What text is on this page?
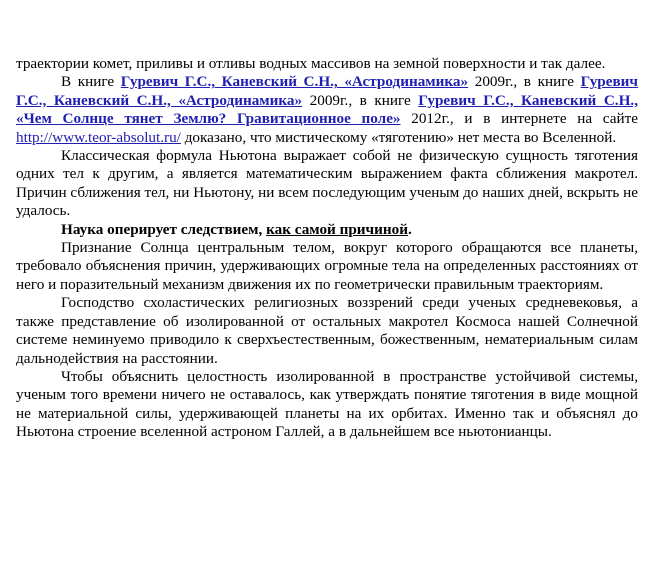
траектории комет, приливы и отливы водных массивов на земной поверхности и так далее.

В книге Гуревич Г.С., Каневский С.Н., «Астродинамика» 2009г., в книге Гуревич Г.С., Каневский С.Н., «Астродинамика» 2009г., в книге Гуревич Г.С., Каневский С.Н., «Чем Солнце тянет Землю? Гравитационное поле» 2012г., и в интернете на сайте http://www.teor-absolut.ru/ доказано, что мистическому «тяготению» нет места во Вселенной.

Классическая формула Ньютона выражает собой не физическую сущность тяготения одних тел к другим, а является математическим выражением факта сближения макротел. Причин сближения тел, ни Ньютону, ни всем последующим ученым до наших дней, вскрыть не удалось.

Наука оперирует следствием, как самой причиной.

Признание Солнца центральным телом, вокруг которого обращаются все планеты, требовало объяснения причин, удерживающих огромные тела на определенных расстояниях от него и поразительный механизм движения их по геометрически правильным траекториям.

Господство схоластических религиозных воззрений среди ученых средневековья, а также представление об изолированной от остальных макротел Космоса нашей Солнечной системе неминуемо приводило к сверхъестественным, божественным, нематериальным силам дальнодействия на расстоянии.

Чтобы объяснить целостность изолированной в пространстве устойчивой системы, ученым того времени ничего не оставалось, как утверждать понятие тяготения в виде мощной не материальной силы, удерживающей планеты на их орбитах. Именно так и объяснял до Ньютона строение вселенной астроном Галлей, а в дальнейшем все ньютонианцы.
